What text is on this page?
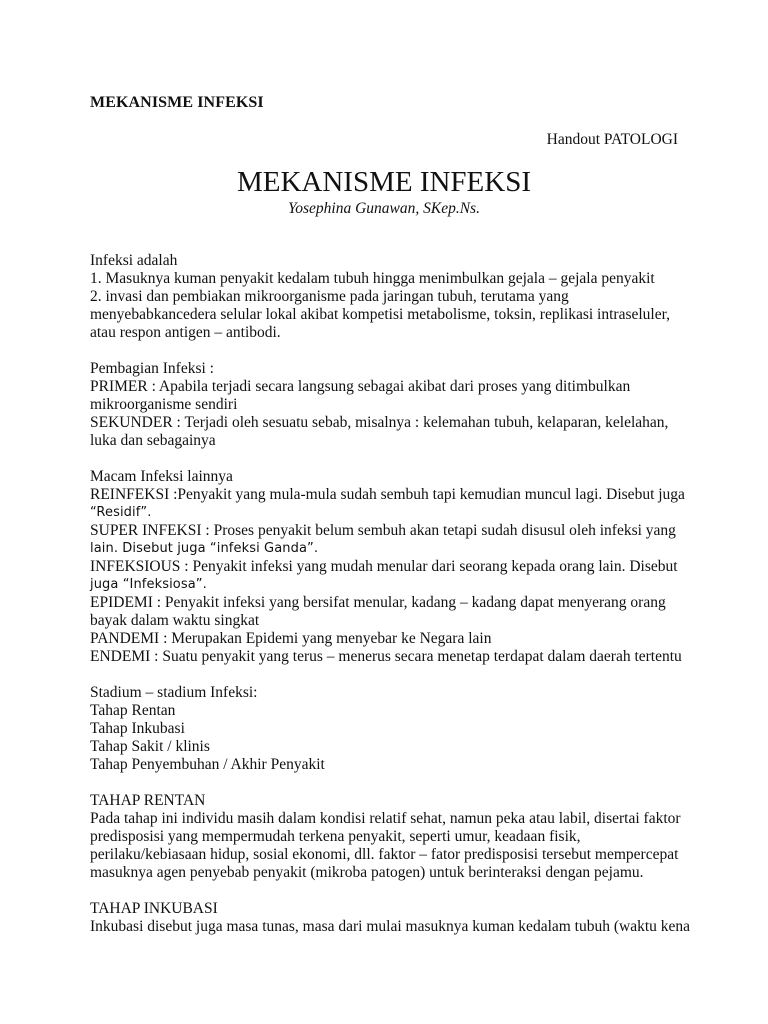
MEKANISME INFEKSI
Handout PATOLOGI
MEKANISME INFEKSI
Yosephina Gunawan, SKep.Ns.
Infeksi adalah
1. Masuknya kuman penyakit kedalam tubuh hingga menimbulkan gejala – gejala penyakit
2. invasi dan pembiakan mikroorganisme pada jaringan tubuh, terutama yang
menyebabkancedera selular lokal akibat kompetisi metabolisme, toksin, replikasi intraseluler,
atau respon antigen – antibodi.
Pembagian Infeksi :
PRIMER : Apabila terjadi secara langsung sebagai akibat dari proses yang ditimbulkan
mikroorganisme sendiri
SEKUNDER : Terjadi oleh sesuatu sebab, misalnya : kelemahan tubuh, kelaparan, kelelahan,
luka dan sebagainya
Macam Infeksi lainnya
REINFEKSI :Penyakit yang mula-mula sudah sembuh tapi kemudian muncul lagi. Disebut juga
“Residif”.
SUPER INFEKSI : Proses penyakit belum sembuh akan tetapi sudah disusul oleh infeksi yang
lain. Disebut juga “infeksi Ganda”.
INFEKSIOUS : Penyakit infeksi yang mudah menular dari seorang kepada orang lain. Disebut
juga “Infeksiosa”.
EPIDEMI : Penyakit infeksi yang bersifat menular, kadang – kadang dapat menyerang orang
bayak dalam waktu singkat
PANDEMI : Merupakan Epidemi yang menyebar ke Negara lain
ENDEMI : Suatu penyakit yang terus – menerus secara menetap terdapat dalam daerah tertentu
Stadium – stadium Infeksi:
Tahap Rentan
Tahap Inkubasi
Tahap Sakit / klinis
Tahap Penyembuhan / Akhir Penyakit
TAHAP RENTAN
Pada tahap ini individu masih dalam kondisi relatif sehat, namun peka atau labil, disertai faktor
predisposisi yang mempermudah terkena penyakit, seperti umur, keadaan fisik,
perilaku/kebiasaan hidup, sosial ekonomi, dll. faktor – fator predisposisi tersebut mempercepat
masuknya agen penyebab penyakit (mikroba patogen) untuk berinteraksi dengan pejamu.
TAHAP INKUBASI
Inkubasi disebut juga masa tunas, masa dari mulai masuknya kuman kedalam tubuh (waktu kena
